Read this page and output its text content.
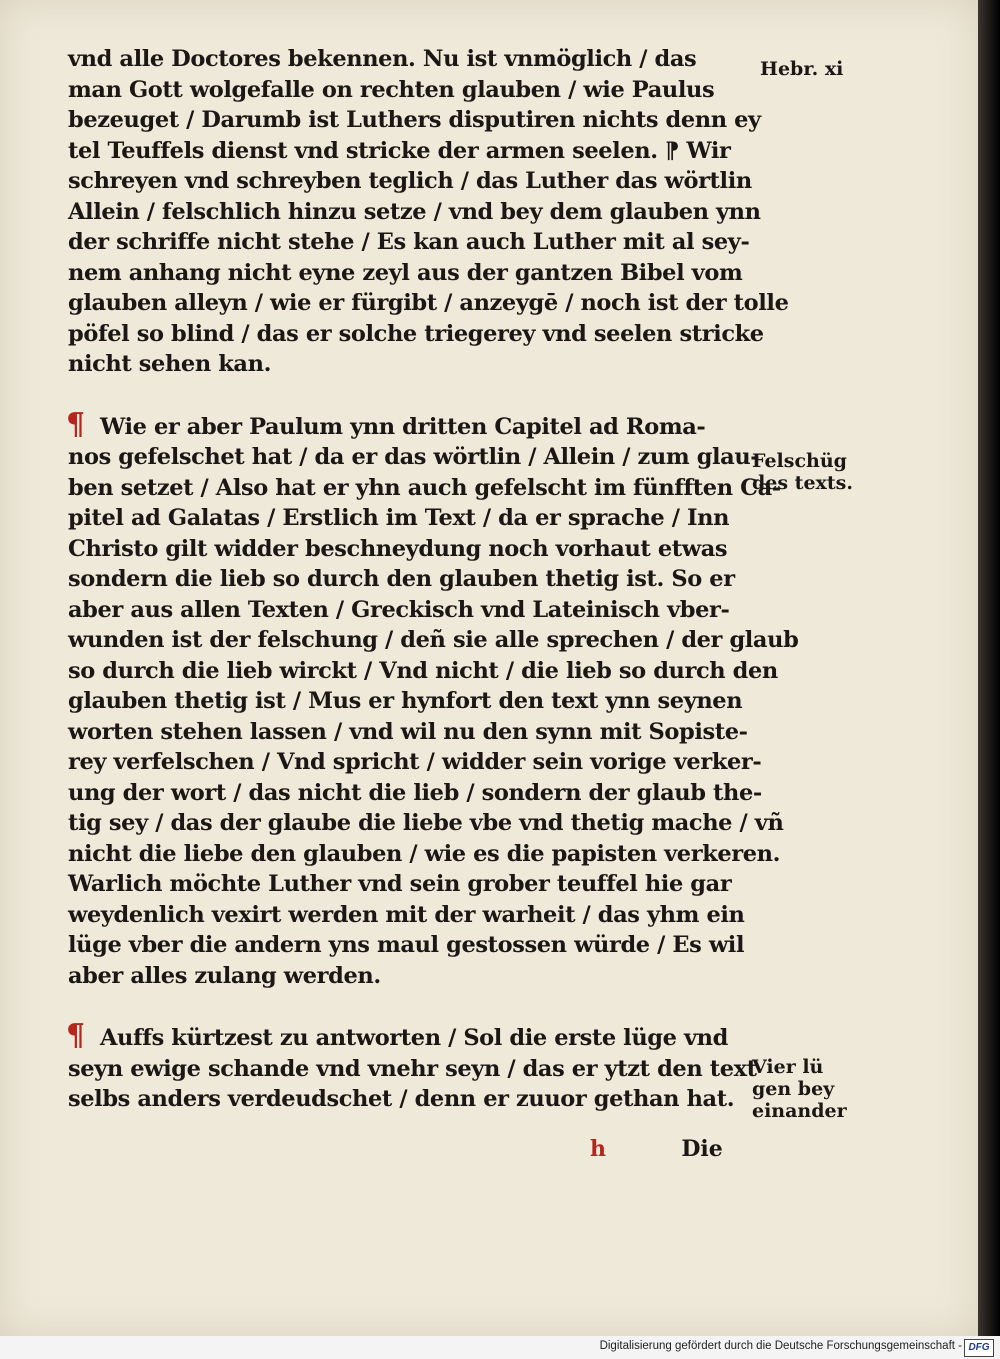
vnd alle Doctores bekennen. Nu ist vnmöglich / das
man Gott wolgefalle on rechten glauben / wie Paulus
bezeuget / Darumb ist Luthers disputiren nichts denn ey
tel Teuffels dienst vnd stricke der armen seelen. ⁋ Wir
schreyen vnd schreyben teglich / das Luther das wörtlin
Allein / felschlich hinzu setze / vnd bey dem glauben ynn
der schriffe nicht stehe / Es kan auch Luther mit al sey-
nem anhang nicht eyne zeyl aus der gantzen Bibel vom
glauben alleyn / wie er fürgibt / anzeygē / noch ist der tolle
pöfel so blind / das er solche triegerey vnd seelen stricke
nicht sehen kan.
¶ Wie er aber Paulum ynn dritten Capitel ad Roma-
nos gefelschet hat / da er das wörtlin / Allein / zum glau-
ben setzet / Also hat er yhn auch gefelscht im fünfften Ca-
pitel ad Galatas / Erstlich im Text / da er sprache / Inn
Christo gilt widder beschneydung noch vorhaut etwas
sondern die lieb so durch den glauben thetig ist. So er
aber aus allen Texten / Greckisch vnd Lateinisch vber-
wunden ist der felschung / deñ sie alle sprechen / der glaub
so durch die lieb wirckt / Vnd nicht / die lieb so durch den
glauben thetig ist / Mus er hynfort den text ynn seynen
worten stehen lassen / vnd wil nu den synn mit Sopiste-
rey verfelschen / Vnd spricht / widder sein vorige verker-
ung der wort / das nicht die lieb / sondern der glaub the-
tig sey / das der glaube die liebe vbe vnd thetig mache / vñ
nicht die liebe den glauben / wie es die papisten verkeren.
Warlich möchte Luther vnd sein grober teuffel hie gar
weydenlich vexirt werden mit der warheit / das yhm ein
lüge vber die andern yns maul gestossen würde / Es wil
aber alles zulang werden.
¶ Auffs kürtzest zu antworten / Sol die erste lüge vnd
seyn ewige schande vnd vnehr seyn / das er ytzt den text
selbs anders verdeudschet / denn er zuuor gethan hat.
Hebr. xi
Felschüg
des texts.
Vier lü
gen bey
einander
h	Die
Digitalisierung gefördert durch die Deutsche Forschungsgemeinschaft - DFG
